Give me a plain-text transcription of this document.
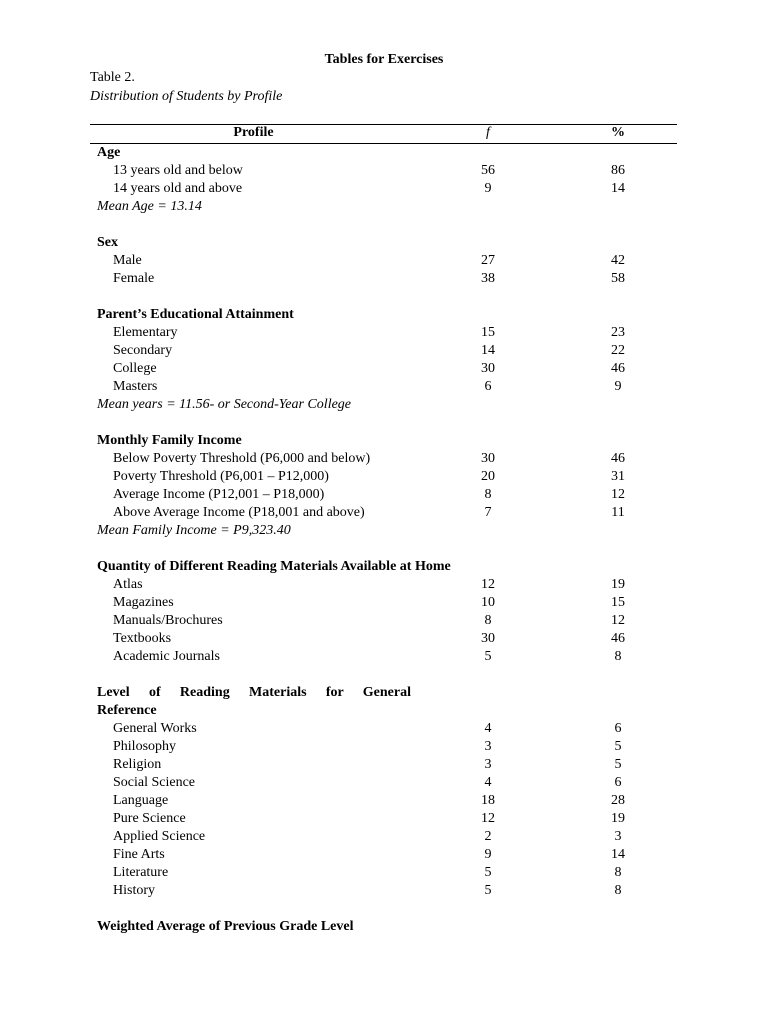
Tables for Exercises
Table 2.
Distribution of Students by Profile
Profile	f	%
Age
13 years old and below	56	86
14 years old and above	9	14
Mean Age = 13.14
Sex
Male	27	42
Female	38	58
Parent’s Educational Attainment
Elementary	15	23
Secondary	14	22
College	30	46
Masters	6	9
Mean years = 11.56- or Second-Year College
Monthly Family Income
Below Poverty Threshold (P6,000 and below)	30	46
Poverty Threshold (P6,001 – P12,000)	20	31
Average Income (P12,001 – P18,000)	8	12
Above Average Income (P18,001 and above)	7	11
Mean Family Income = P9,323.40
Quantity of Different Reading Materials Available at Home
Atlas	12	19
Magazines	10	15
Manuals/Brochures	8	12
Textbooks	30	46
Academic Journals	5	8
Level of Reading Materials for General
Reference
General Works	4	6
Philosophy	3	5
Religion	3	5
Social Science	4	6
Language	18	28
Pure Science	12	19
Applied Science	2	3
Fine Arts	9	14
Literature	5	8
History	5	8
Weighted Average of Previous Grade Level
